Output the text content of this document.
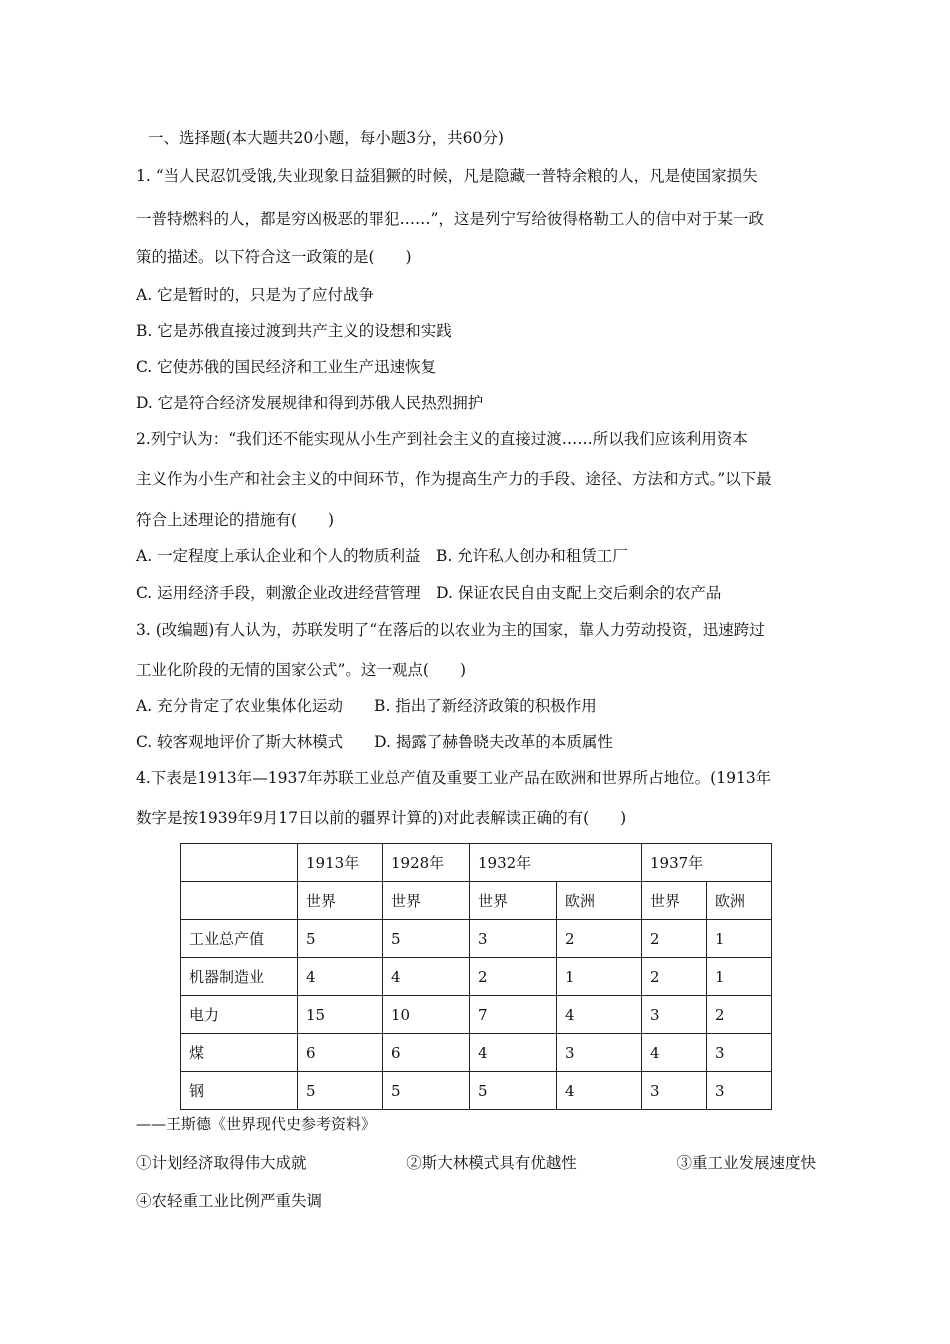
一、选择题(本大题共20小题，每小题3分，共60分)
1. “当人民忍饥受饿,失业现象日益猖獗的时候，凡是隐藏一普特余粮的人，凡是使国家损失
一普特燃料的人，都是穷凶极恶的罪犯……”，这是列宁写给彼得格勒工人的信中对于某一政
策的描述。以下符合这一政策的是(　　)
A. 它是暂时的，只是为了应付战争
B. 它是苏俄直接过渡到共产主义的设想和实践
C. 它使苏俄的国民经济和工业生产迅速恢复
D. 它是符合经济发展规律和得到苏俄人民热烈拥护
2.列宁认为：“我们还不能实现从小生产到社会主义的直接过渡……所以我们应该利用资本
主义作为小生产和社会主义的中间环节，作为提高生产力的手段、途径、方法和方式。”以下最
符合上述理论的措施有(　　)
A. 一定程度上承认企业和个人的物质利益　B. 允许私人创办和租赁工厂
C. 运用经济手段，刺激企业改进经营管理　D. 保证农民自由支配上交后剩余的农产品
3. (改编题)有人认为，苏联发明了“在落后的以农业为主的国家，靠人力劳动投资，迅速跨过
工业化阶段的无情的国家公式”。这一观点(　　)
A. 充分肯定了农业集体化运动　　B. 指出了新经济政策的积极作用
C. 较客观地评价了斯大林模式　　D. 揭露了赫鲁晓夫改革的本质属性
4.下表是1913年—1937年苏联工业总产值及重要工业产品在欧洲和世界所占地位。(1913年
数字是按1939年9月17日以前的疆界计算的)对此表解读正确的有(　　)
	1913年	1928年	1932年		1937年	
	世界	世界	世界	欧洲	世界	欧洲
工业总产值	5	5	3	2	2	1
机器制造业	4	4	2	1	2	1
电力	15	10	7	4	3	2
煤	6	6	4	3	4	3
钢	5	5	5	4	3	3
——王斯德《世界现代史参考资料》
①计划经济取得伟大成就	②斯大林模式具有优越性	③重工业发展速度快
④农轻重工业比例严重失调
